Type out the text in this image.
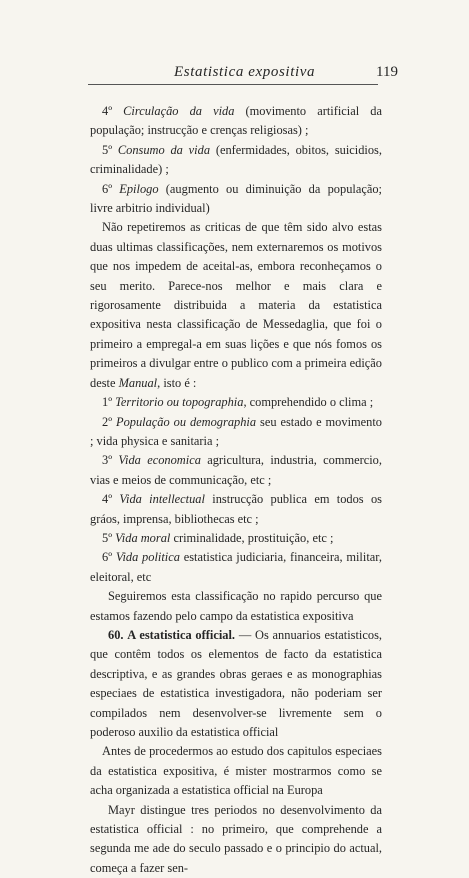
Estatistica expositiva	119

4º Circulação da vida (movimento artificial da população; instrucção e crenças religiosas) ;

5º Consumo da vida (enfermidades, obitos, suicidios, criminalidade) ;

6º Epilogo (augmento ou diminuição da população; livre arbitrio individual)

Não repetiremos as criticas de que têm sido alvo estas duas ultimas classificações, nem externaremos os motivos que nos impedem de aceital-as, embora reconheçamos o seu merito. Parece-nos melhor e mais clara e rigorosamente distribuida a materia da estatistica expositiva nesta classificação de Messedaglia, que foi o primeiro a empregal-a em suas lições e que nós fomos os primeiros a divulgar entre o publico com a primeira edição deste Manual, isto é :

1º Territorio ou topographia, comprehendido o clima ;

2º População ou demographia seu estado e movimento ; vida physica e sanitaria ;

3º Vida economica agricultura, industria, commercio, vias e meios de communicação, etc ;

4º Vida intellectual instrucção publica em todos os gráos, imprensa, bibliothecas etc ;

5º Vida moral criminalidade, prostituição, etc ;

6º Vida politica estatistica judiciaria, financeira, militar, eleitoral, etc

Seguiremos esta classificação no rapido percurso que estamos fazendo pelo campo da estatistica expositiva

60. A estatistica official. — Os annuarios estatisticos, que contêm todos os elementos de facto da estatistica descriptiva, e as grandes obras geraes e as monographias especiaes de estatistica investigadora, não poderiam ser compilados nem desenvolver-se livremente sem o poderoso auxilio da estatistica official

Antes de procedermos ao estudo dos capitulos especiaes da estatistica expositiva, é mister mostrarmos como se acha organizada a estatistica official na Europa

Mayr distingue tres periodos no desenvolvimento da estatistica official : no primeiro, que comprehende a segunda me ade do seculo passado e o principio do actual, começa a fazer sen-
